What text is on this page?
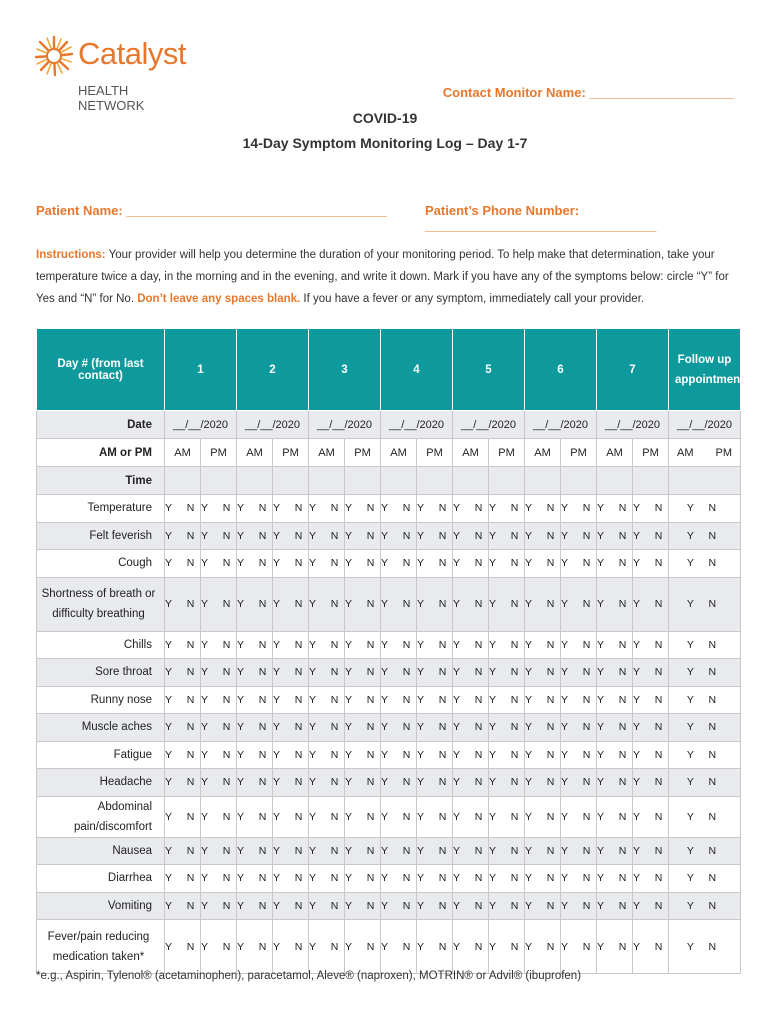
Catalyst
HEALTH NETWORK
Contact Monitor Name: ____________________
COVID-19
14-Day Symptom Monitoring Log – Day 1-7
Patient Name: ____________________________________	Patient’s Phone Number: ________________________________
Instructions: Your provider will help you determine the duration of your monitoring period. To help make that determination, take your temperature twice a day, in the morning and in the evening, and write it down. Mark if you have any of the symptoms below: circle “Y” for Yes and “N” for No. Don’t leave any spaces blank. If you have a fever or any symptom, immediately call your provider.
Day # (from last contact)	1		2		3		4		5		6		7		Follow up appointment
Date	__/__/2020		__/__/2020		__/__/2020		__/__/2020		__/__/2020		__/__/2020		__/__/2020		__/__/2020
AM or PM	AM	PM	AM	PM	AM	PM	AM	PM	AM	PM	AM	PM	AM	PM	AM PM
Time															
Temperature	Y N	Y N	Y N	Y N	Y N	Y N	Y N	Y N	Y N	Y N	Y N	Y N	Y N	Y N	Y N
Felt feverish	Y N	Y N	Y N	Y N	Y N	Y N	Y N	Y N	Y N	Y N	Y N	Y N	Y N	Y N	Y N
Cough	Y N	Y N	Y N	Y N	Y N	Y N	Y N	Y N	Y N	Y N	Y N	Y N	Y N	Y N	Y N
Shortness of breath or difficulty breathing	Y N	Y N	Y N	Y N	Y N	Y N	Y N	Y N	Y N	Y N	Y N	Y N	Y N	Y N	Y N
Chills	Y N	Y N	Y N	Y N	Y N	Y N	Y N	Y N	Y N	Y N	Y N	Y N	Y N	Y N	Y N
Sore throat	Y N	Y N	Y N	Y N	Y N	Y N	Y N	Y N	Y N	Y N	Y N	Y N	Y N	Y N	Y N
Runny nose	Y N	Y N	Y N	Y N	Y N	Y N	Y N	Y N	Y N	Y N	Y N	Y N	Y N	Y N	Y N
Muscle aches	Y N	Y N	Y N	Y N	Y N	Y N	Y N	Y N	Y N	Y N	Y N	Y N	Y N	Y N	Y N
Fatigue	Y N	Y N	Y N	Y N	Y N	Y N	Y N	Y N	Y N	Y N	Y N	Y N	Y N	Y N	Y N
Headache	Y N	Y N	Y N	Y N	Y N	Y N	Y N	Y N	Y N	Y N	Y N	Y N	Y N	Y N	Y N
Abdominal pain/discomfort	Y N	Y N	Y N	Y N	Y N	Y N	Y N	Y N	Y N	Y N	Y N	Y N	Y N	Y N	Y N
Nausea	Y N	Y N	Y N	Y N	Y N	Y N	Y N	Y N	Y N	Y N	Y N	Y N	Y N	Y N	Y N
Diarrhea	Y N	Y N	Y N	Y N	Y N	Y N	Y N	Y N	Y N	Y N	Y N	Y N	Y N	Y N	Y N
Vomiting	Y N	Y N	Y N	Y N	Y N	Y N	Y N	Y N	Y N	Y N	Y N	Y N	Y N	Y N	Y N
Fever/pain reducing medication taken*	Y N	Y N	Y N	Y N	Y N	Y N	Y N	Y N	Y N	Y N	Y N	Y N	Y N	Y N	Y N
*e.g., Aspirin, Tylenol® (acetaminophen), paracetamol, Aleve® (naproxen), MOTRIN® or Advil® (ibuprofen)
